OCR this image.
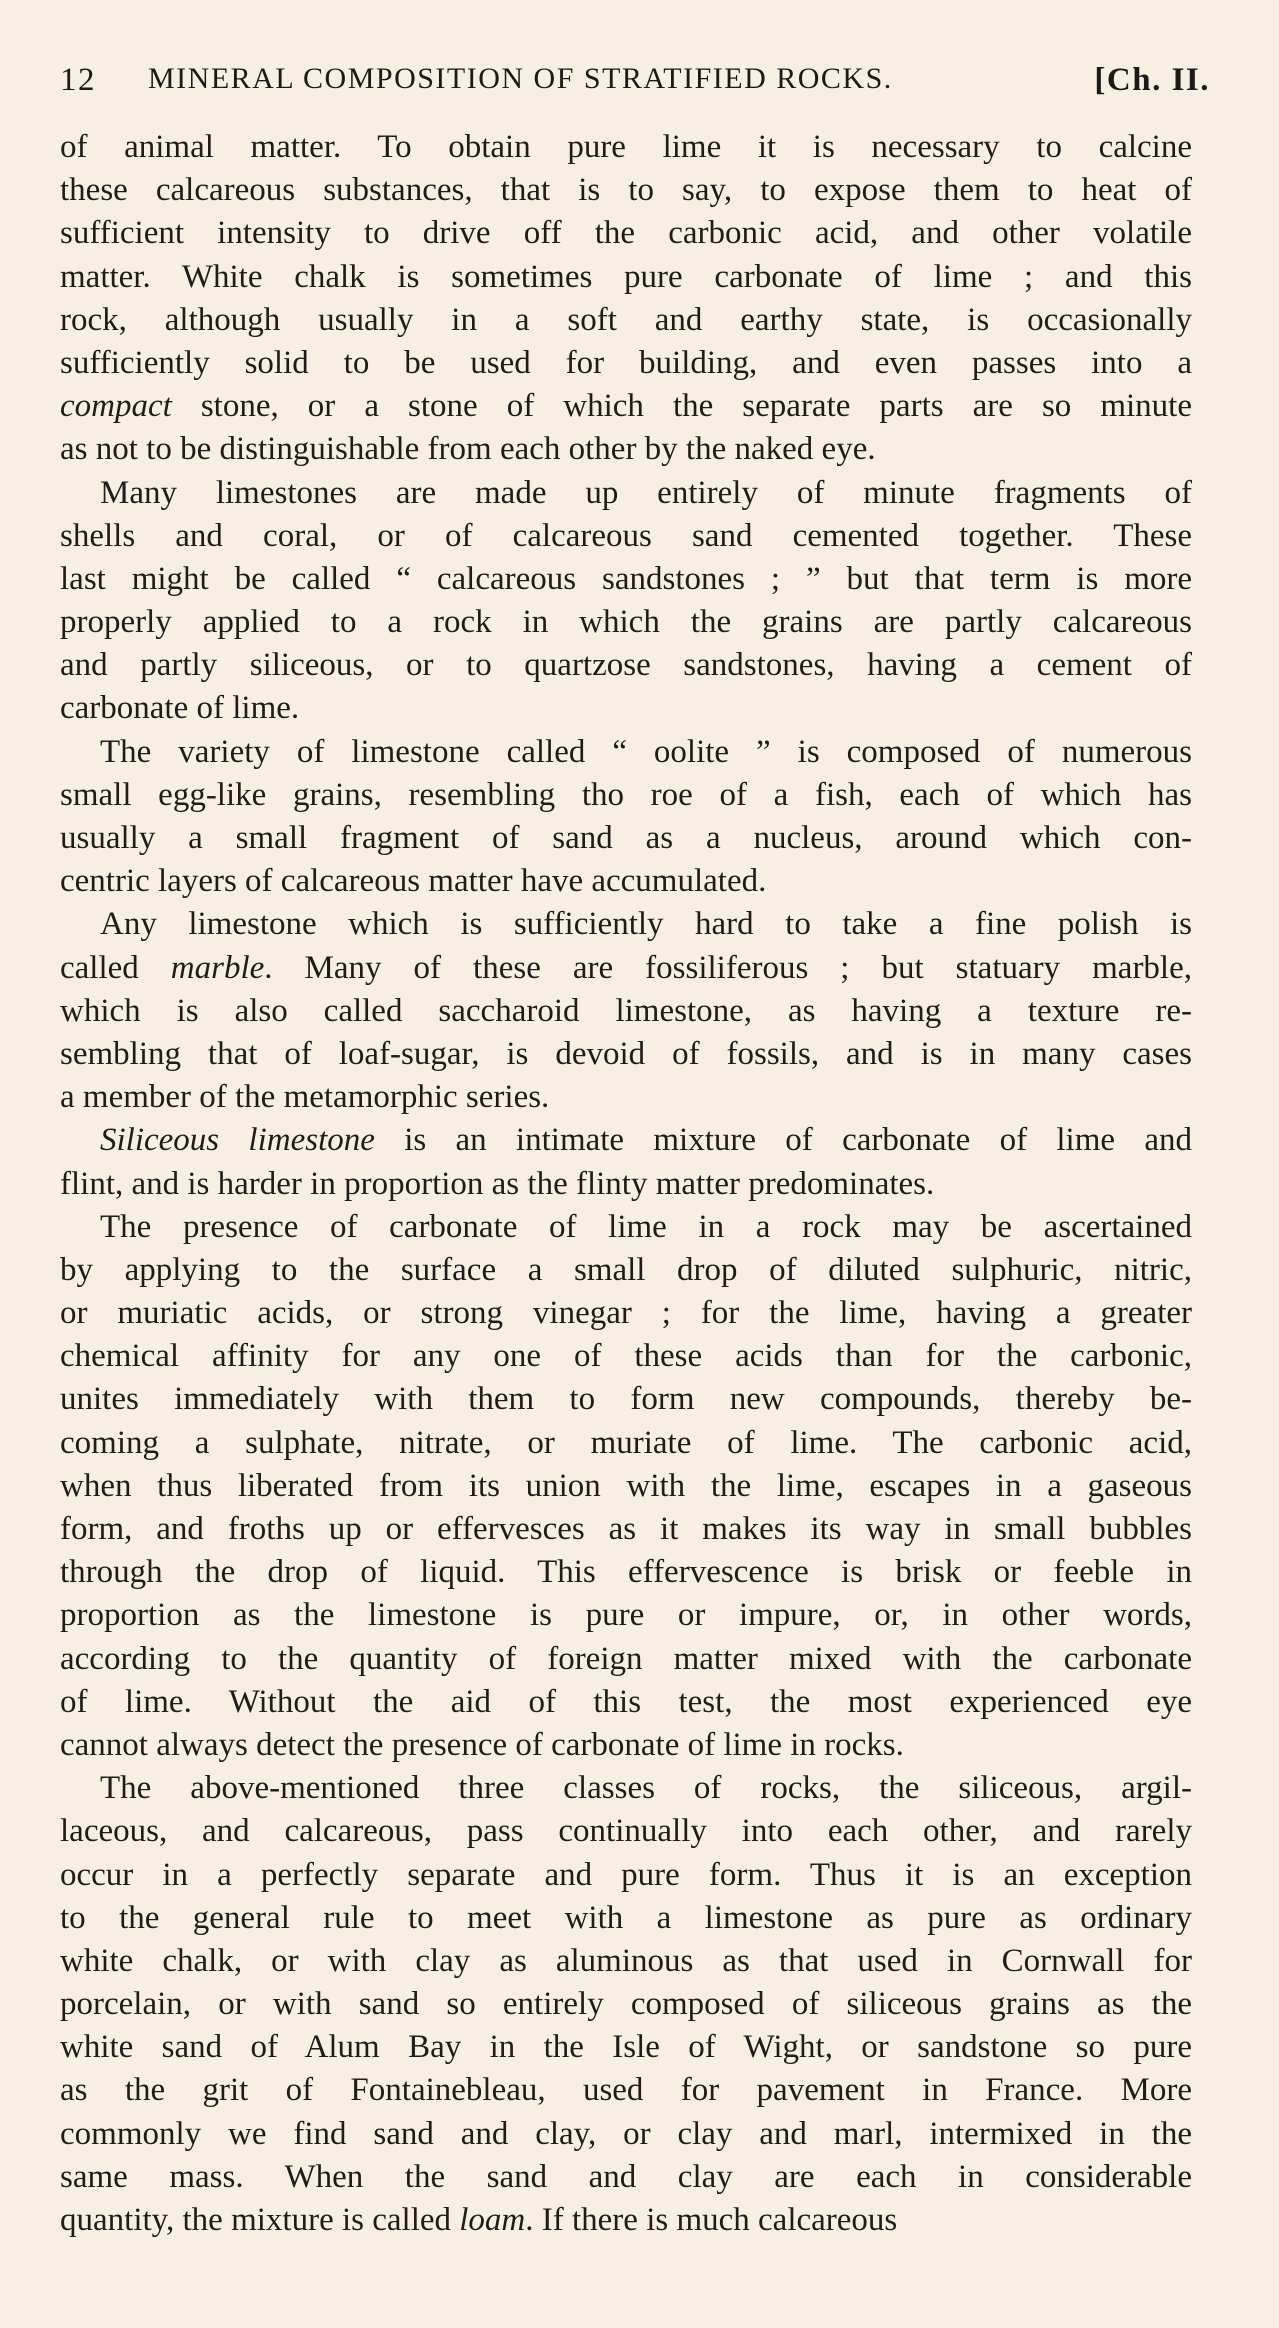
12 MINERAL COMPOSITION OF STRATIFIED ROCKS.	[Ch. II.
of animal matter. To obtain pure lime it is necessary to calcine
these calcareous substances, that is to say, to expose them to heat of
sufficient intensity to drive off the carbonic acid, and other volatile
matter. White chalk is sometimes pure carbonate of lime ; and this
rock, although usually in a soft and earthy state, is occasionally
sufficiently solid to be used for building, and even passes into a
compact stone, or a stone of which the separate parts are so minute
as not to be distinguishable from each other by the naked eye.
Many limestones are made up entirely of minute fragments of
shells and coral, or of calcareous sand cemented together. These
last might be called “ calcareous sandstones ; ” but that term is more
properly applied to a rock in which the grains are partly calcareous
and partly siliceous, or to quartzose sandstones, having a cement of
carbonate of lime.
The variety of limestone called “ oolite ” is composed of numerous
small egg-like grains, resembling tho roe of a fish, each of which has
usually a small fragment of sand as a nucleus, around which con-
centric layers of calcareous matter have accumulated.
Any limestone which is sufficiently hard to take a fine polish is
called marble. Many of these are fossiliferous ; but statuary marble,
which is also called saccharoid limestone, as having a texture re-
sembling that of loaf-sugar, is devoid of fossils, and is in many cases
a member of the metamorphic series.
Siliceous limestone is an intimate mixture of carbonate of lime and
flint, and is harder in proportion as the flinty matter predominates.
The presence of carbonate of lime in a rock may be ascertained
by applying to the surface a small drop of diluted sulphuric, nitric,
or muriatic acids, or strong vinegar ; for the lime, having a greater
chemical affinity for any one of these acids than for the carbonic,
unites immediately with them to form new compounds, thereby be-
coming a sulphate, nitrate, or muriate of lime. The carbonic acid,
when thus liberated from its union with the lime, escapes in a gaseous
form, and froths up or effervesces as it makes its way in small bubbles
through the drop of liquid. This effervescence is brisk or feeble in
proportion as the limestone is pure or impure, or, in other words,
according to the quantity of foreign matter mixed with the carbonate
of lime. Without the aid of this test, the most experienced eye
cannot always detect the presence of carbonate of lime in rocks.
The above-mentioned three classes of rocks, the siliceous, argil-
laceous, and calcareous, pass continually into each other, and rarely
occur in a perfectly separate and pure form. Thus it is an exception
to the general rule to meet with a limestone as pure as ordinary
white chalk, or with clay as aluminous as that used in Cornwall for
porcelain, or with sand so entirely composed of siliceous grains as the
white sand of Alum Bay in the Isle of Wight, or sandstone so pure
as the grit of Fontainebleau, used for pavement in France. More
commonly we find sand and clay, or clay and marl, intermixed in the
same mass. When the sand and clay are each in considerable
quantity, the mixture is called loam. If there is much calcareous
